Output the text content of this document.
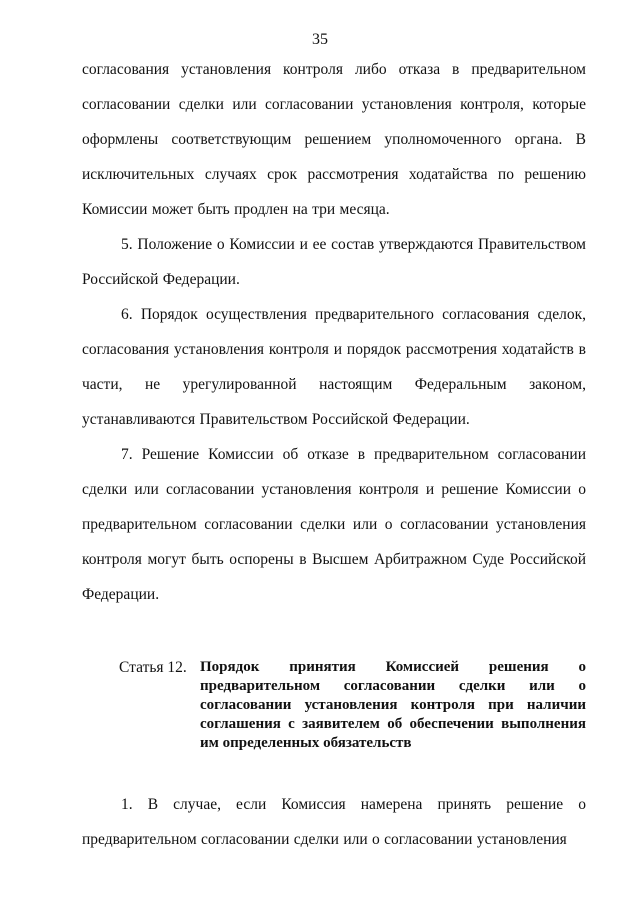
35

согласования установления контроля либо отказа в предварительном согласовании сделки или согласовании установления контроля, которые оформлены соответствующим решением уполномоченного органа. В исключительных случаях срок рассмотрения ходатайства по решению Комиссии может быть продлен на три месяца.

5. Положение о Комиссии и ее состав утверждаются Правительством Российской Федерации.

6. Порядок осуществления предварительного согласования сделок, согласования установления контроля и порядок рассмотрения ходатайств в части, не урегулированной настоящим Федеральным законом, устанавливаются Правительством Российской Федерации.

7. Решение Комиссии об отказе в предварительном согласовании сделки или согласовании установления контроля и решение Комиссии о предварительном согласовании сделки или о согласовании установления контроля могут быть оспорены в Высшем Арбитражном Суде Российской Федерации.

Статья 12. Порядок принятия Комиссией решения о предварительном согласовании сделки или о согласовании установления контроля при наличии соглашения с заявителем об обеспечении выполнения им определенных обязательств

1. В случае, если Комиссия намерена принять решение о предварительном согласовании сделки или о согласовании установления
